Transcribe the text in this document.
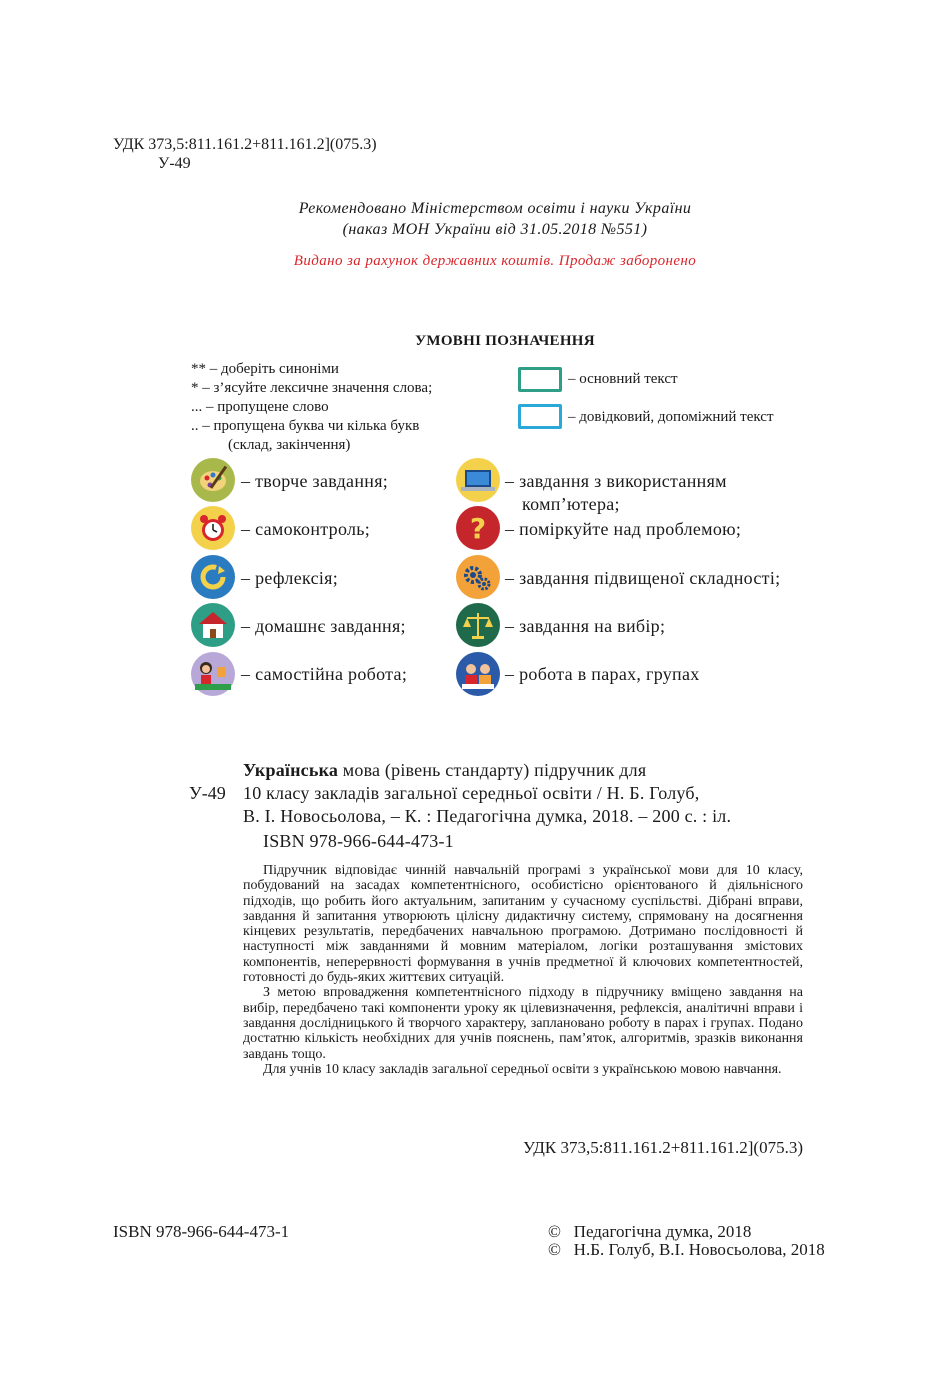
УДК 373,5:811.161.2+811.161.2](075.3)
У-49
Рекомендовано Міністерством освіти і науки України
(наказ МОН України від 31.05.2018 №551)
Видано за рахунок державних коштів. Продаж заборонено
УМОВНІ ПОЗНАЧЕННЯ
** – доберіть синоніми
* – з’ясуйте лексичне значення слова;
... – пропущене слово
.. – пропущена буква чи кілька букв
(склад, закінчення)
– основний текст
– довідковий, допоміжний текст
– творче завдання;
– самоконтроль;
– рефлексія;
– домашнє завдання;
– самостійна робота;
– завдання з використанням
комп’ютера;
? – поміркуйте над проблемою;
– завдання підвищеної складності;
– завдання на вибір;
– робота в парах, групах
Українська мова (рівень стандарту) підручник для
У-49 10 класу закладів загальної середньої освіти / Н. Б. Голуб,
В. І. Новосьолова, – К. : Педагогічна думка, 2018. – 200 с. : іл.
ISBN 978-966-644-473-1

Підручник відповідає чинній навчальній програмі з української мови для 10 класу, побудований на засадах компетентнісного, особистісно орієнтованого й діяльнісного підходів, що робить його актуальним, запитаним у сучасному суспільстві. Дібрані вправи, завдання й запитання утворюють цілісну дидактичну систему, спрямовану на досягнення кінцевих результатів, передбачених навчальною програмою. Дотримано послідовності й наступності між завданнями й мовним матеріалом, логіки розташування змістових компонентів, неперервності формування в учнів предметної й ключових компетентностей, готовності до будь-яких життєвих ситуацій.

З метою впровадження компетентнісного підходу в підручнику вміщено завдання на вибір, передбачено такі компоненти уроку як цілевизначення, рефлексія, аналітичні вправи і завдання дослідницького й творчого характеру, заплановано роботу в парах і групах. Подано достатню кількість необхідних для учнів пояснень, пам’яток, алгоритмів, зразків виконання завдань тощо.

Для учнів 10 класу закладів загальної середньої освіти з українською мовою навчання.

УДК 373,5:811.161.2+811.161.2](075.3)
ISBN 978-966-644-473-1	©   Педагогічна думка, 2018
©   Н.Б. Голуб, В.І. Новосьолова, 2018
